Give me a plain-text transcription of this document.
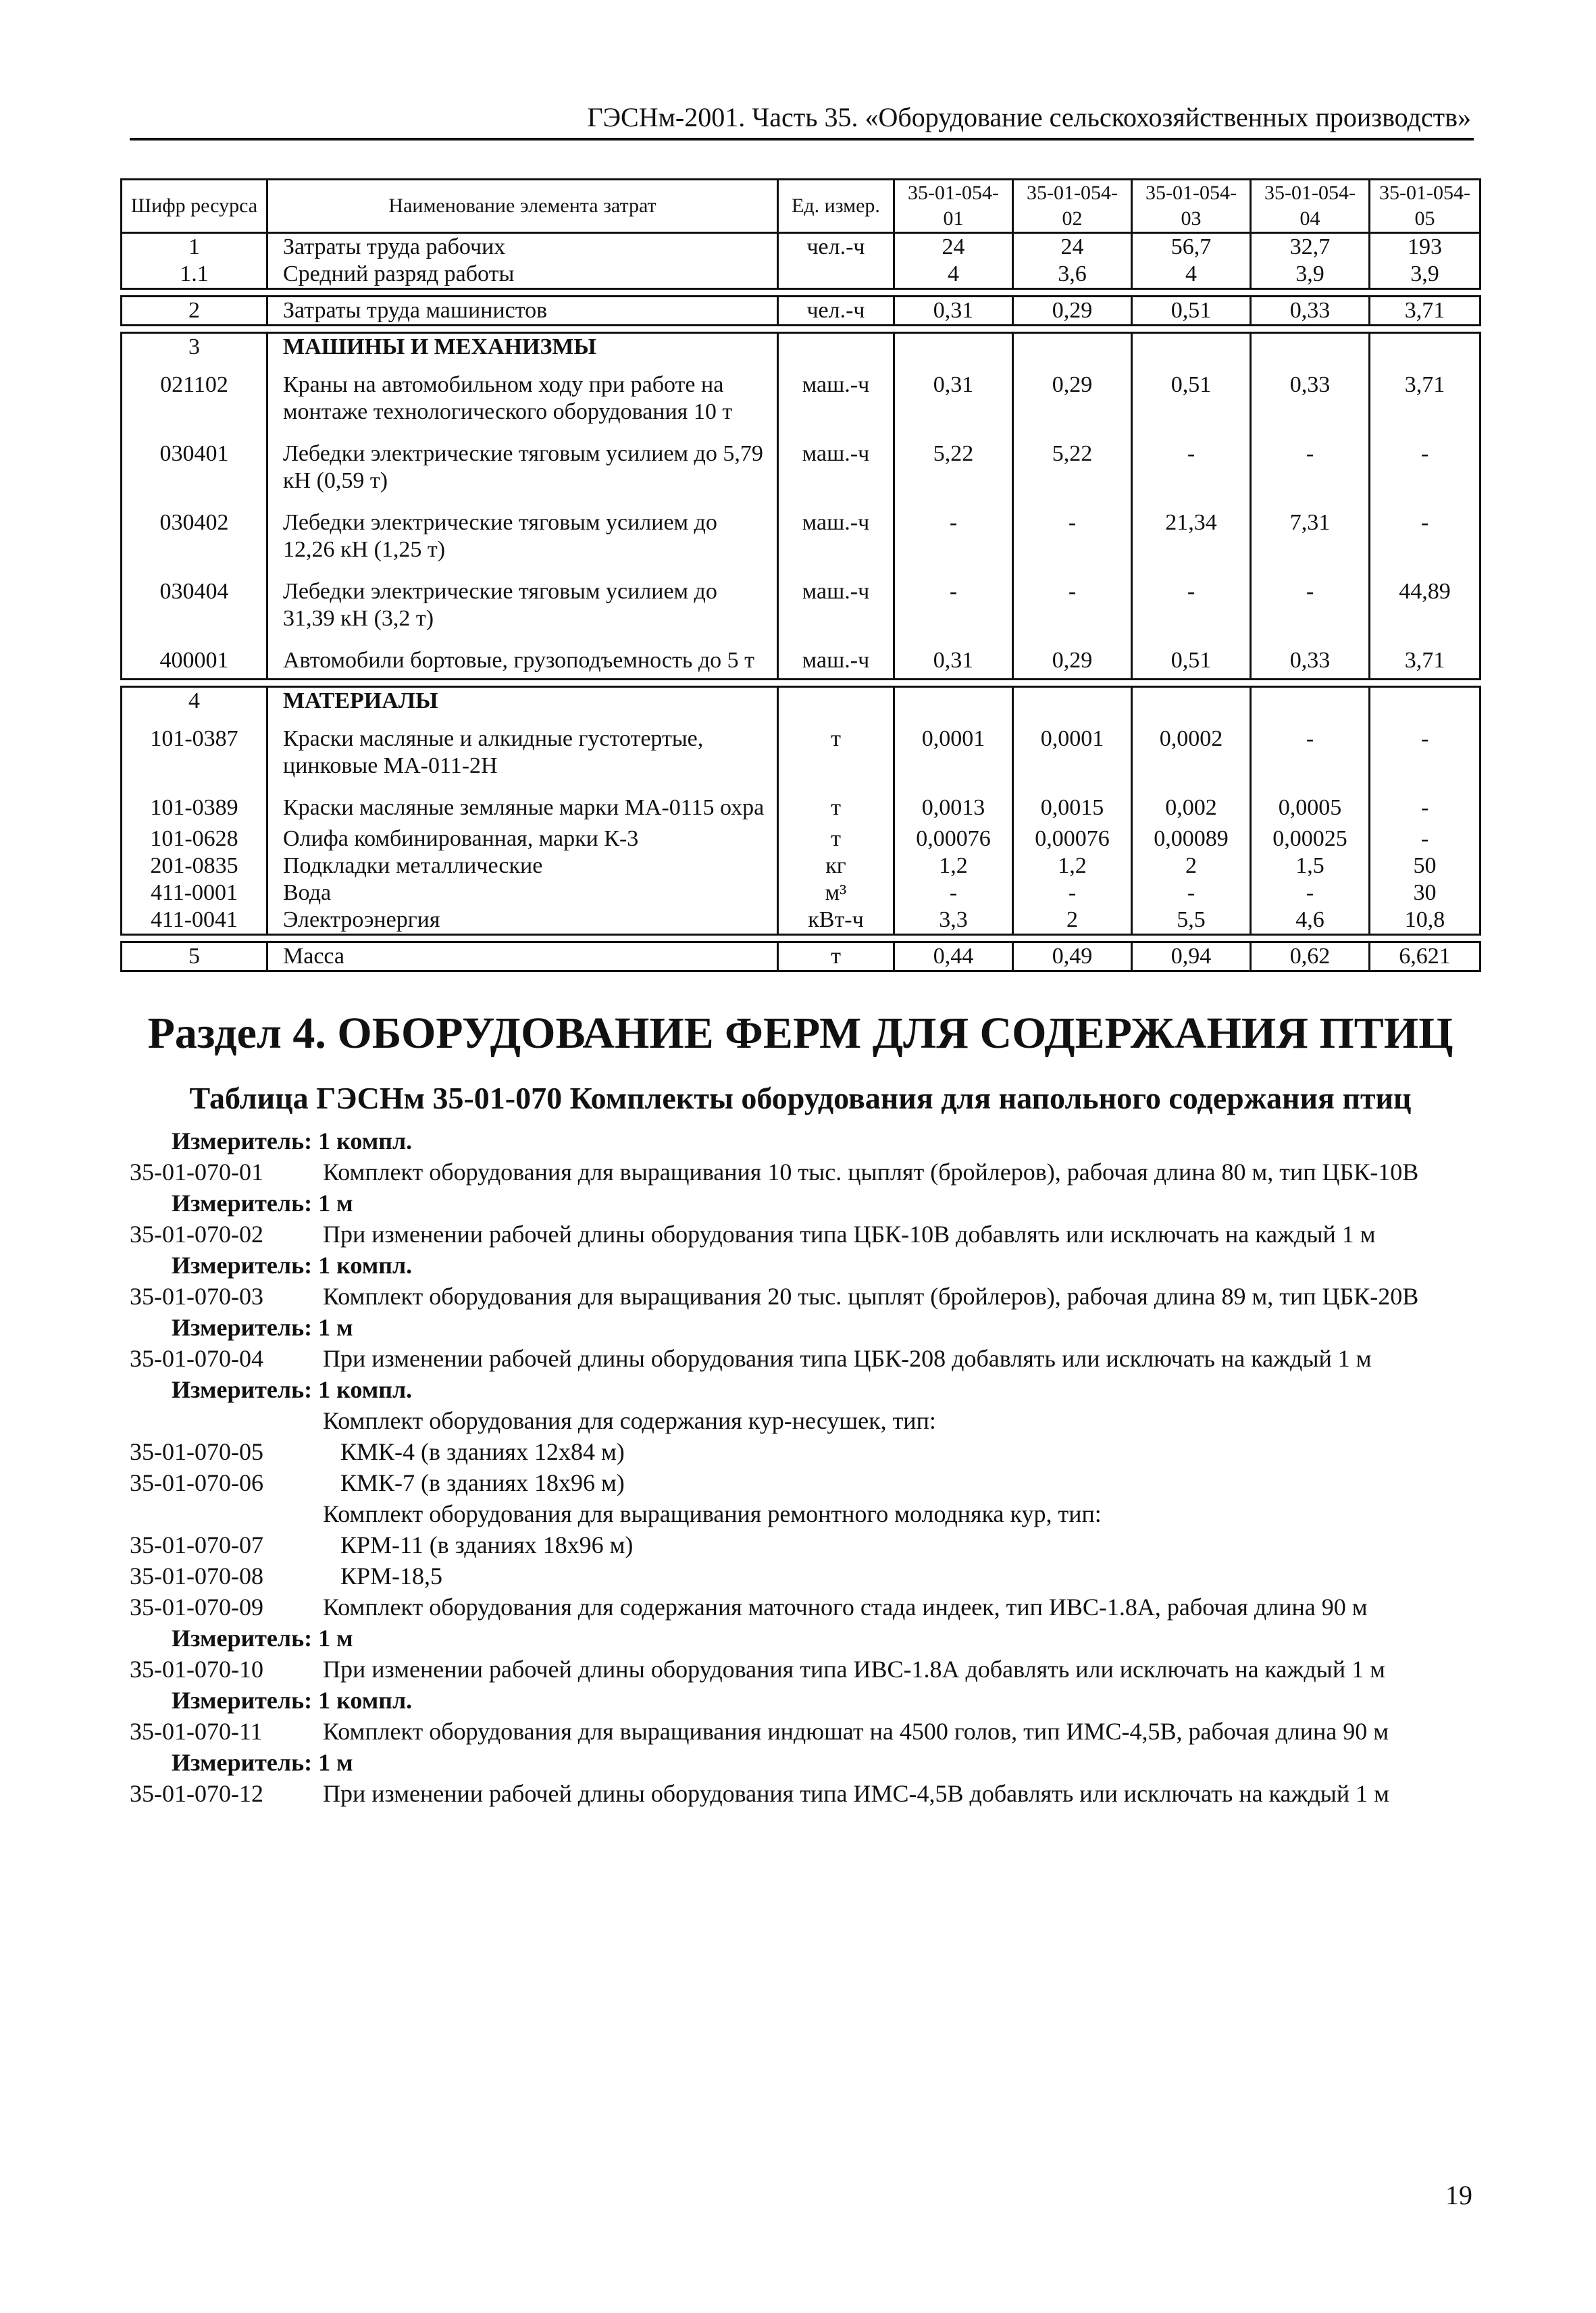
ГЭСНм-2001. Часть 35. «Оборудование сельскохозяйственных производств»
Шифр ресурса	Наименование элемента затрат	Ед. измер.	35-01-054-01	35-01-054-02	35-01-054-03	35-01-054-04	35-01-054-05
1	Затраты труда рабочих	чел.-ч	24	24	56,7	32,7	193
1.1	Средний разряд работы		4	3,6	4	3,9	3,9

2	Затраты труда машинистов	чел.-ч	0,31	0,29	0,51	0,33	3,71

3	МАШИНЫ И МЕХАНИЗМЫ						
021102	Краны на автомобильном ходу при работе на монтаже технологического оборудования 10 т	маш.-ч	0,31	0,29	0,51	0,33	3,71
030401	Лебедки электрические тяговым усилием до 5,79 кН (0,59 т)	маш.-ч	5,22	5,22	-	-	-
030402	Лебедки электрические тяговым усилием до 12,26 кН (1,25 т)	маш.-ч	-	-	21,34	7,31	-
030404	Лебедки электрические тяговым усилием до 31,39 кН (3,2 т)	маш.-ч	-	-	-	-	44,89
400001	Автомобили бортовые, грузоподъемность до 5 т	маш.-ч	0,31	0,29	0,51	0,33	3,71

4	МАТЕРИАЛЫ						
101-0387	Краски масляные и алкидные густотертые, цинковые МА-011-2Н	т	0,0001	0,0001	0,0002	-	-
101-0389	Краски масляные земляные марки МА-0115 охра	т	0,0013	0,0015	0,002	0,0005	-
101-0628	Олифа комбинированная, марки К-3	т	0,00076	0,00076	0,00089	0,00025	-
201-0835	Подкладки металлические	кг	1,2	1,2	2	1,5	50
411-0001	Вода	м³	-	-	-	-	30
411-0041	Электроэнергия	кВт-ч	3,3	2	5,5	4,6	10,8

5	Масса	т	0,44	0,49	0,94	0,62	6,621
Раздел 4. ОБОРУДОВАНИЕ ФЕРМ ДЛЯ СОДЕРЖАНИЯ ПТИЦ
Таблица ГЭСНм 35-01-070 Комплекты оборудования для напольного содержания птиц
Измеритель: 1 компл.
35-01-070-01	Комплект оборудования для выращивания 10 тыс. цыплят (бройлеров), рабочая длина 80 м, тип ЦБК-10В
Измеритель: 1 м
35-01-070-02	При изменении рабочей длины оборудования типа ЦБК-10В добавлять или исключать на каждый 1 м
Измеритель: 1 компл.
35-01-070-03	Комплект оборудования для выращивания 20 тыс. цыплят (бройлеров), рабочая длина 89 м, тип ЦБК-20В
Измеритель: 1 м
35-01-070-04	При изменении рабочей длины оборудования типа ЦБК-208 добавлять или исключать на каждый 1 м
Измеритель: 1 компл.
Комплект оборудования для содержания кур-несушек, тип:
35-01-070-05	КМК-4 (в зданиях 12х84 м)
35-01-070-06	КМК-7 (в зданиях 18х96 м)
Комплект оборудования для выращивания ремонтного молодняка кур, тип:
35-01-070-07	КРМ-11 (в зданиях 18х96 м)
35-01-070-08	КРМ-18,5
35-01-070-09	Комплект оборудования для содержания маточного стада индеек, тип ИВС-1.8А, рабочая длина 90 м
Измеритель: 1 м
35-01-070-10	При изменении рабочей длины оборудования типа ИВС-1.8А добавлять или исключать на каждый 1 м
Измеритель: 1 компл.
35-01-070-11	Комплект оборудования для выращивания индюшат на 4500 голов, тип ИМС-4,5В, рабочая длина 90 м
Измеритель: 1 м
35-01-070-12	При изменении рабочей длины оборудования типа ИМС-4,5В добавлять или исключать на каждый 1 м
19
